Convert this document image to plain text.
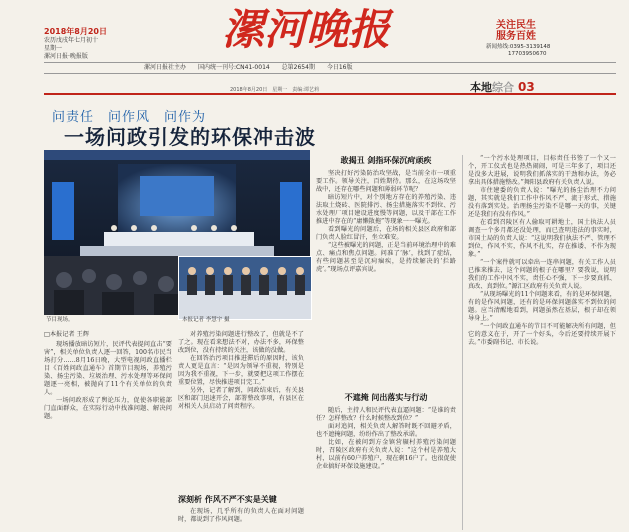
2018年8月20日
农历戊戌年七月初十
星期一
漯河日报·晚报版
漯河晚报	关注民生
服务百姓
新闻热线:0395-3139148
17703950670
漯河日报社主办 国内统一刊号:CN41-0014 总第2654期 今日16版
2018年8月20日　星期一　责编:谭艺莉	本地综合 03
问责任　问作风　问作为
一场问政引发的环保冲击波
节目现场。	本报记者 李慧宇 摄
□本报记者 王辉

现场播放暗访短片，民评代表提问直击“要害”，相关单位负责人逐一回答，100名市民当场打分……8月16日晚，大型电视问政直播栏目《百姓问政直通车》首期节目现场，养殖污染、扬尘污染、垃圾治理、污水处理等环保问题逐一亮相，被抛向了11个有关单位的负责人。

一场问政形成了舆论压力，促使各职能部门直面群众，在实际行动中找准问题、解决问题。

对养殖污染问题进行整改了，但就是不了了之。现在看来想法不对，办法不多，环保整改到位，没有持续的关注，该做的没做。

在回答治污项目推进滞后的原因时，该负责人更是直言：“是因为领导不重视，特别是因为我不重视，下一步，就要把这项工作摆在重要位置，尽快推进项目完工。”

另外，记者了解到，问政结束后，有关县区和部门迅速开会，部署整改事项，有县区在对相关人员启动了问责程序。

深刻析 作风不严不实是关键

在现场，几乎所有的负责人在面对问题时，都说到了作风问题。

敢揭丑 剑指环保沉疴顽疾

坚决打好污染防治攻坚战，是当前全市一项重要工作。领导关注，百姓期待。那么，在这场攻坚战中，还存在哪些问题和薄弱环节呢？

暗访短片中，对个别地方存在的养殖污染、违法取土烧砖、医院排污、扬尘措施落实不到位、污水处理厂项目建设进度慢等问题，以及干部在工作推进中存在的“庸懒散拖”等现象一一曝光。

看到曝光的问题后，在场的相关县区政府和部门负责人脸红冒汗，坐立难安。

“这些被曝光的问题，正是当前环境治理中的难点、痛点和焦点问题。问准了‘脉’，找到了症结，有些问题甚至是沉疴痼疾，是持续解决的‘拦路虎’。”现场点评嘉宾说。

不遮掩 问出落实与行动

随后，主持人和民评代表直逼问题：“是谁的责任？怎样整改？什么时候整改到位？”

面对追问，相关负责人解答时既不回避矛盾，也不遮掩问题，纷纷作出了整改承诺。

比如，在被问到方金镇营辗村养殖污染问题时，召陵区政府有关负责人说：“这个村是养殖大村，以前有60户养殖户，现在剩16户了。也很促使企业搞好环保设施建设。”

“一个污水处理项目，目标责任书签了一个又一个，开工仪式也是热热闹闹，可是三年多了，项目还是没多大进展，说明我们抓落实的干劲和办法，务必拿出具体措施整改。”舞阳县政府有关负责人说。

市住建委的负责人说：“曝光的扬尘治理不力问题，其实就是我们工作中作风不严、流于形式、措施没有落到实处。治理扬尘污染不是哪一天的事，关键还是我们有没有作风。”

在看到召陵区有人偷取可耕地土，国土执法人员调查一个多月都还没处理，而已查明违法的事实时，市国土局的负责人说：“这说明我们执法不严、管理不到位，作风不实，作风不扎实，存在推诿、不作为现象。”

“一个案件就可以牵出一连串问题，有关工作人员已推来推去，这个问题的根子在哪里？要我说，说明我们的工作中风不实，责任心不强，下一步要真抓、真改、真到位。”源汇区政府有关负责人说。

“从现场曝光的11个问题来看，有的是环保问题，有的是作风问题，还有的是环保问题落实不到位的问题。应当清醒地看到，问题虽然在基层，根子却在领导身上。”

“一个问政直通车的节目不可能解决所有问题，但它的意义在于，开了一个好头，今后还要持续开展下去。”市委副书记、市长说。
